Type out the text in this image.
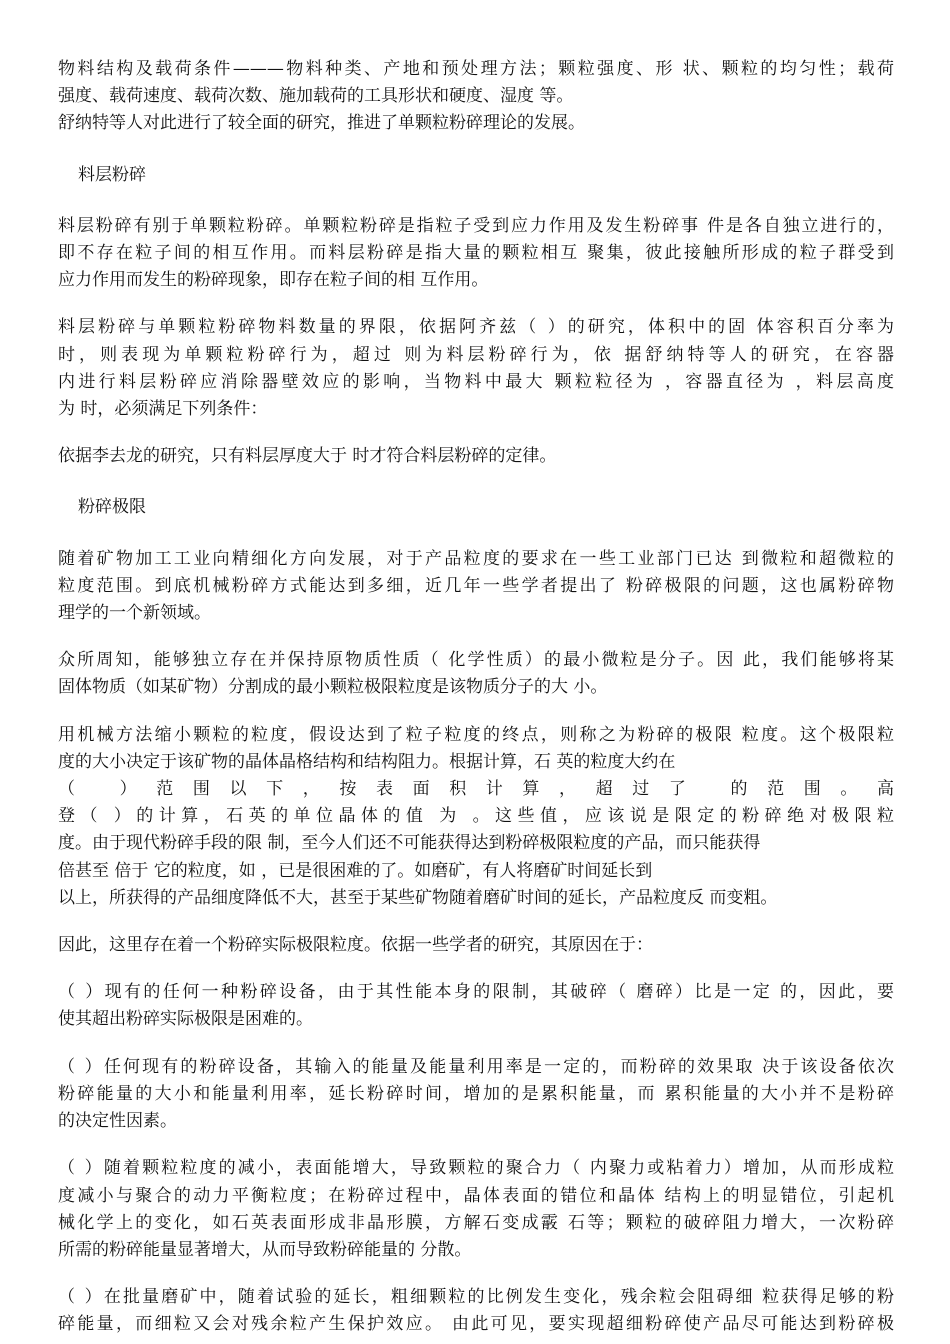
物料结构及载荷条件———物料种类、产地和预处理方法；颗粒强度、形 状、颗粒的均匀性；载荷
强度、载荷速度、载荷次数、施加载荷的工具形状和硬度、湿度 等。
舒纳特等人对此进行了较全面的研究，推进了单颗粒粉碎理论的发展。
料层粉碎
料层粉碎有别于单颗粒粉碎。单颗粒粉碎是指粒子受到应力作用及发生粉碎事 件是各自独立进行的，
即不存在粒子间的相互作用。而料层粉碎是指大量的颗粒相互 聚集，彼此接触所形成的粒子群受到
应力作用而发生的粉碎现象，即存在粒子间的相 互作用。
料层粉碎与单颗粒粉碎物料数量的界限，依据阿齐兹（ ）的研究，体积中的固 体容积百分率为
时，则表现为单颗粒粉碎行为，超过 则为料层粉碎行为，依 据舒纳特等人的研究，在容器
内进行料层粉碎应消除器壁效应的影响，当物料中最大 颗粒粒径为 ，容器直径为 ，料层高度
为 时，必须满足下列条件：
依据李去龙的研究，只有料层厚度大于 时才符合料层粉碎的定律。
粉碎极限
随着矿物加工工业向精细化方向发展，对于产品粒度的要求在一些工业部门已达 到微粒和超微粒的
粒度范围。到底机械粉碎方式能达到多细，近几年一些学者提出了 粉碎极限的问题，这也属粉碎物
理学的一个新领域。
众所周知，能够独立存在并保持原物质性质（ 化学性质）的最小微粒是分子。因 此，我们能够将某
固体物质（如某矿物）分割成的最小颗粒极限粒度是该物质分子的大 小。
用机械方法缩小颗粒的粒度，假设达到了粒子粒度的终点，则称之为粉碎的极限 粒度。这个极限粒
度的大小决定于该矿物的晶体晶格结构和结构阻力。根据计算，石 英的粒度大约在
（ ）范围以下，按表面积计算，超过了 的范围。高
登（ ）的计算，石英的单位晶体的值 为 。这些值，应该说是限定的粉碎绝对极限粒
度。由于现代粉碎手段的限 制，至今人们还不可能获得达到粉碎极限粒度的产品，而只能获得
倍甚至 倍于 它的粒度，如 ，已是很困难的了。如磨矿，有人将磨矿时间延长到
以上，所获得的产品细度降低不大，甚至于某些矿物随着磨矿时间的延长，产品粒度反 而变粗。
因此，这里存在着一个粉碎实际极限粒度。依据一些学者的研究，其原因在于：
（ ）现有的任何一种粉碎设备，由于其性能本身的限制，其破碎（ 磨碎）比是一定 的，因此，要
使其超出粉碎实际极限是困难的。
（ ）任何现有的粉碎设备，其输入的能量及能量利用率是一定的，而粉碎的效果取 决于该设备依次
粉碎能量的大小和能量利用率，延长粉碎时间，增加的是累积能量，而 累积能量的大小并不是粉碎
的决定性因素。
（ ）随着颗粒粒度的减小，表面能增大，导致颗粒的聚合力（ 内聚力或粘着力）增加，从而形成粒
度减小与聚合的动力平衡粒度；在粉碎过程中，晶体表面的错位和晶体 结构上的明显错位，引起机
械化学上的变化，如石英表面形成非晶形膜，方解石变成霰 石等；颗粒的破碎阻力增大，一次粉碎
所需的粉碎能量显著增大，从而导致粉碎能量的 分散。
（ ）在批量磨矿中，随着试验的延长，粗细颗粒的比例发生变化，残余粒会阻碍细 粒获得足够的粉
碎能量，而细粒又会对残余粒产生保护效应。 由此可见，要实现超细粉碎使产品尽可能达到粉碎极
